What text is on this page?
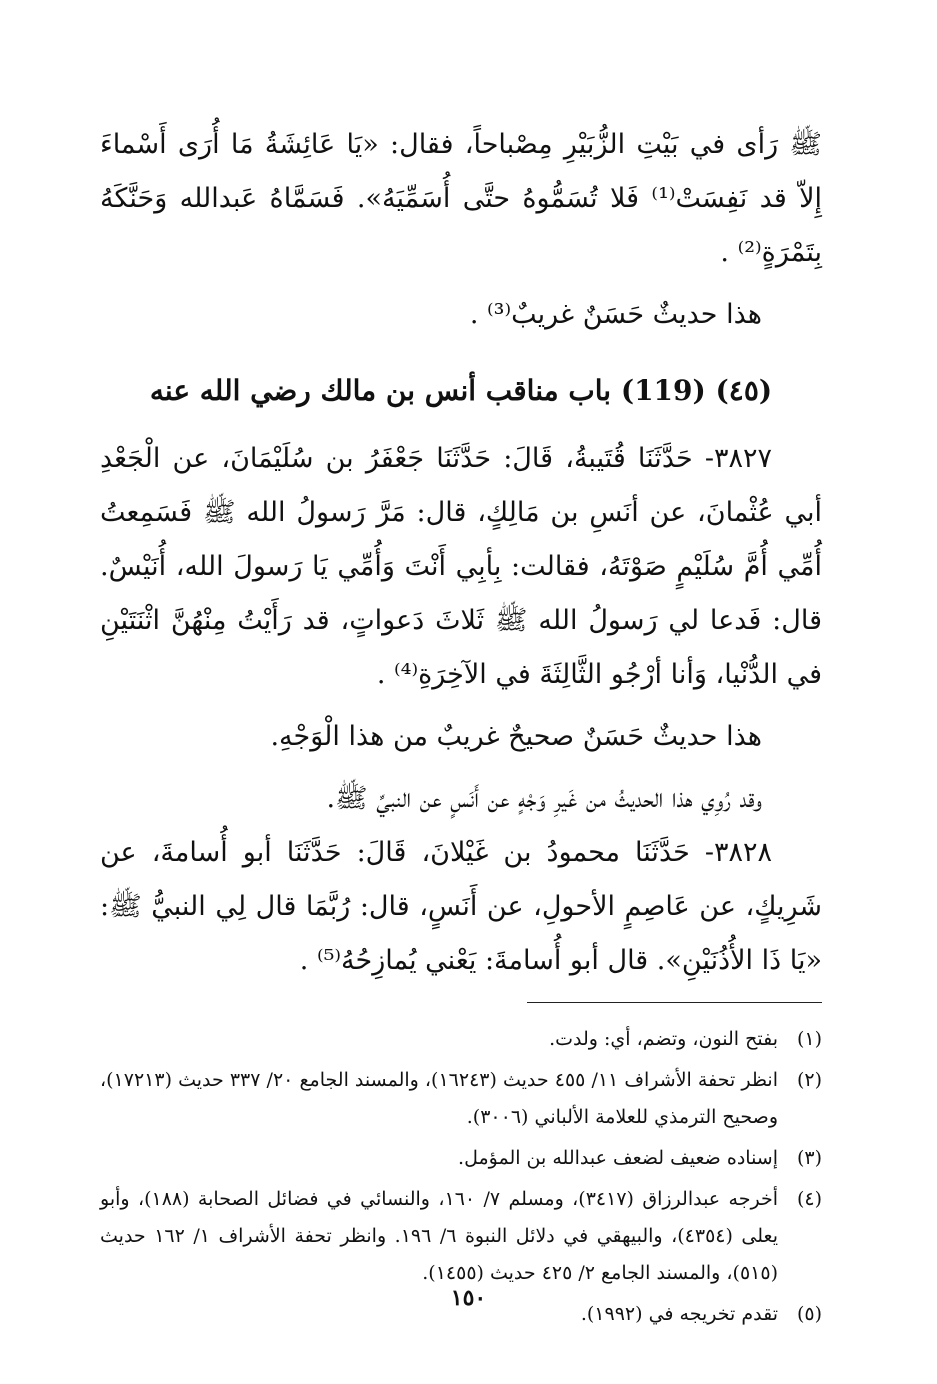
ﷺ رَأى في بَيْتِ الزُّبَيْرِ مِصْباحاً، فقال: «يَا عَائِشَةُ مَا أُرَى أَسْماءَ إِلاّ قد نَفِسَتْ⁽¹⁾ فَلا تُسَمُّوهُ حتَّى أُسَمِّيَهُ». فَسَمَّاهُ عَبدالله وَحَنَّكَهُ بِتَمْرَةٍ⁽²⁾ .

هذا حديثٌ حَسَنٌ غريبٌ⁽³⁾ .

(٤٥) (119) باب مناقب أنس بن مالك رضي الله عنه

٣٨٢٧- حَدَّثَنَا قُتَيبةُ، قَالَ: حَدَّثَنَا جَعْفَرُ بن سُلَيْمَانَ، عن الْجَعْدِ أبي عُثْمانَ، عن أنَسِ بن مَالِكٍ، قال: مَرَّ رَسولُ الله ﷺ فَسَمِعتُ أُمِّي أُمَّ سُلَيْمٍ صَوْتَهُ، فقالت: بِأبِي أَنْتَ وَأُمِّي يَا رَسولَ الله، أُنَيْسٌ. قال: فَدعا لي رَسولُ الله ﷺ ثَلاثَ دَعواتٍ، قد رَأَيْتُ مِنْهُنَّ اثْنَتَيْنِ في الدُّنْيا، وَأنا أرْجُو الثَّالِثَةَ في الآخِرَةِ⁽⁴⁾ .

هذا حديثٌ حَسَنٌ صحيحٌ غريبٌ من هذا الْوَجْهِ.

وقد رُوِي هذا الحديثُ من غَيرِ وَجْهٍ عن أَنَسٍ عن النبيِّ ﷺ.

٣٨٢٨- حَدَّثَنَا محمودُ بن غَيْلانَ، قَالَ: حَدَّثَنَا أبو أُسامةَ، عن شَرِيكٍ، عن عَاصِمٍ الأحولِ، عن أَنَسٍ، قال: رُبَّمَا قال لِي النبيُّ ﷺ: «يَا ذَا الأُذُنَيْنِ». قال أبو أُسامةَ: يَعْني يُمازِحُهُ⁽⁵⁾ .

(١)
بفتح النون، وتضم، أي: ولدت.
(٢)
انظر تحفة الأشراف ١١/ ٤٥٥ حديث (١٦٢٤٣)، والمسند الجامع ٢٠/ ٣٣٧ حديث (١٧٢١٣)، وصحيح الترمذي للعلامة الألباني (٣٠٠٦).
(٣)
إسناده ضعيف لضعف عبدالله بن المؤمل.
(٤)
أخرجه عبدالرزاق (٣٤١٧)، ومسلم ٧/ ١٦٠، والنسائي في فضائل الصحابة (١٨٨)، وأبو يعلى (٤٣٥٤)، والبيهقي في دلائل النبوة ٦/ ١٩٦. وانظر تحفة الأشراف ١/ ١٦٢ حديث (٥١٥)، والمسند الجامع ٢/ ٤٢٥ حديث (١٤٥٥).
(٥)
تقدم تخريجه في (١٩٩٢).
١٥٠
